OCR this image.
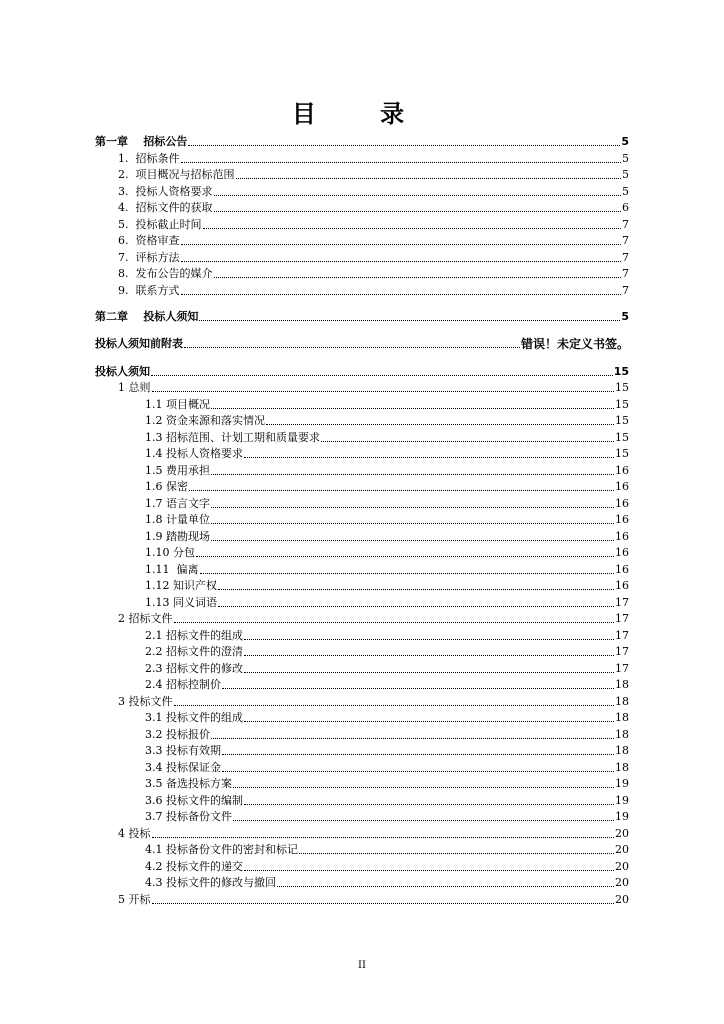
目 录
第一章    招标公告	5
1.  招标条件	5
2.  项目概况与招标范围	5
3.  投标人资格要求	5
4.  招标文件的获取	6
5.  投标截止时间	7
6.  资格审查	7
7.  评标方法	7
8.  发布公告的媒介	7
9.  联系方式	7
第二章    投标人须知	5
投标人须知前附表	错误！未定义书签。
投标人须知	15
1 总则	15
1.1 项目概况	15
1.2 资金来源和落实情况	15
1.3 招标范围、计划工期和质量要求	15
1.4 投标人资格要求	15
1.5 费用承担	16
1.6 保密	16
1.7 语言文字	16
1.8 计量单位	16
1.9 踏勘现场	16
1.10 分包	16
1.11  偏离	16
1.12 知识产权	16
1.13 同义词语	17
2 招标文件	17
2.1 招标文件的组成	17
2.2 招标文件的澄清	17
2.3 招标文件的修改	17
2.4 招标控制价	18
3 投标文件	18
3.1 投标文件的组成	18
3.2 投标报价	18
3.3 投标有效期	18
3.4 投标保证金	18
3.5 备选投标方案	19
3.6 投标文件的编制	19
3.7 投标备份文件	19
4 投标	20
4.1 投标备份文件的密封和标记	20
4.2 投标文件的递交	20
4.3 投标文件的修改与撤回	20
5 开标	20
II
